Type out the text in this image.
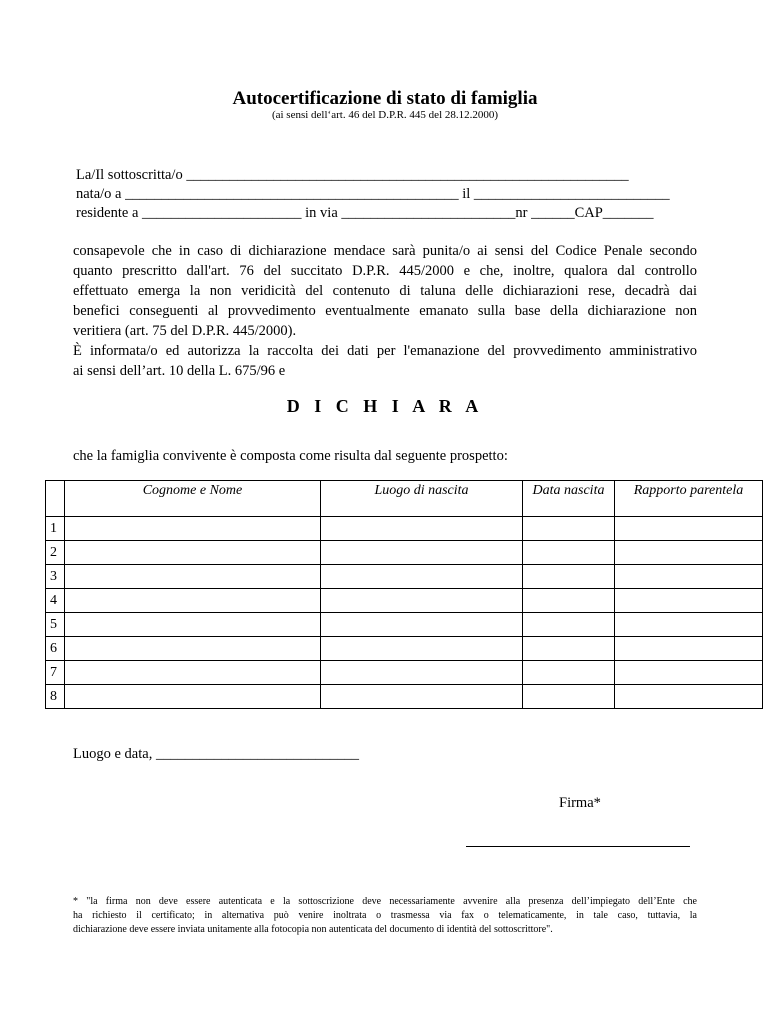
Autocertificazione di stato di famiglia
(ai sensi dell‘art. 46 del D.P.R. 445 del 28.12.2000)
La/Il sottoscritta/o _____________________________________________________________
nata/o a ______________________________________________ il ___________________________
residente a ______________________ in via ________________________nr ______CAP_______
consapevole che in caso di dichiarazione mendace sarà punita/o ai sensi del Codice Penale secondo
quanto prescritto dall'art. 76 del succitato D.P.R. 445/2000 e che, inoltre, qualora dal controllo
effettuato emerga la non veridicità del contenuto di taluna delle dichiarazioni rese, decadrà dai
benefici conseguenti al provvedimento eventualmente emanato sulla base della dichiarazione non
veritiera (art. 75 del D.P.R. 445/2000).
È informata/o ed autorizza la raccolta dei dati per l'emanazione del provvedimento amministrativo
ai sensi dell’art. 10 della L. 675/96 e
D I C H I A R A
che la famiglia convivente è composta come risulta dal seguente prospetto:
	Cognome e Nome	Luogo di nascita	Data nascita	Rapporto parentela
1				
2				
3				
4				
5				
6				
7				
8				
Luogo e data, ____________________________
Firma*
* "la firma non deve essere autenticata e la sottoscrizione deve necessariamente avvenire alla presenza dell’impiegato dell’Ente che
ha richiesto il certificato; in alternativa può venire inoltrata o trasmessa via fax o telematicamente, in tale caso, tuttavia, la
dichiarazione deve essere inviata unitamente alla fotocopia non autenticata del documento di identità del sottoscrittore".
